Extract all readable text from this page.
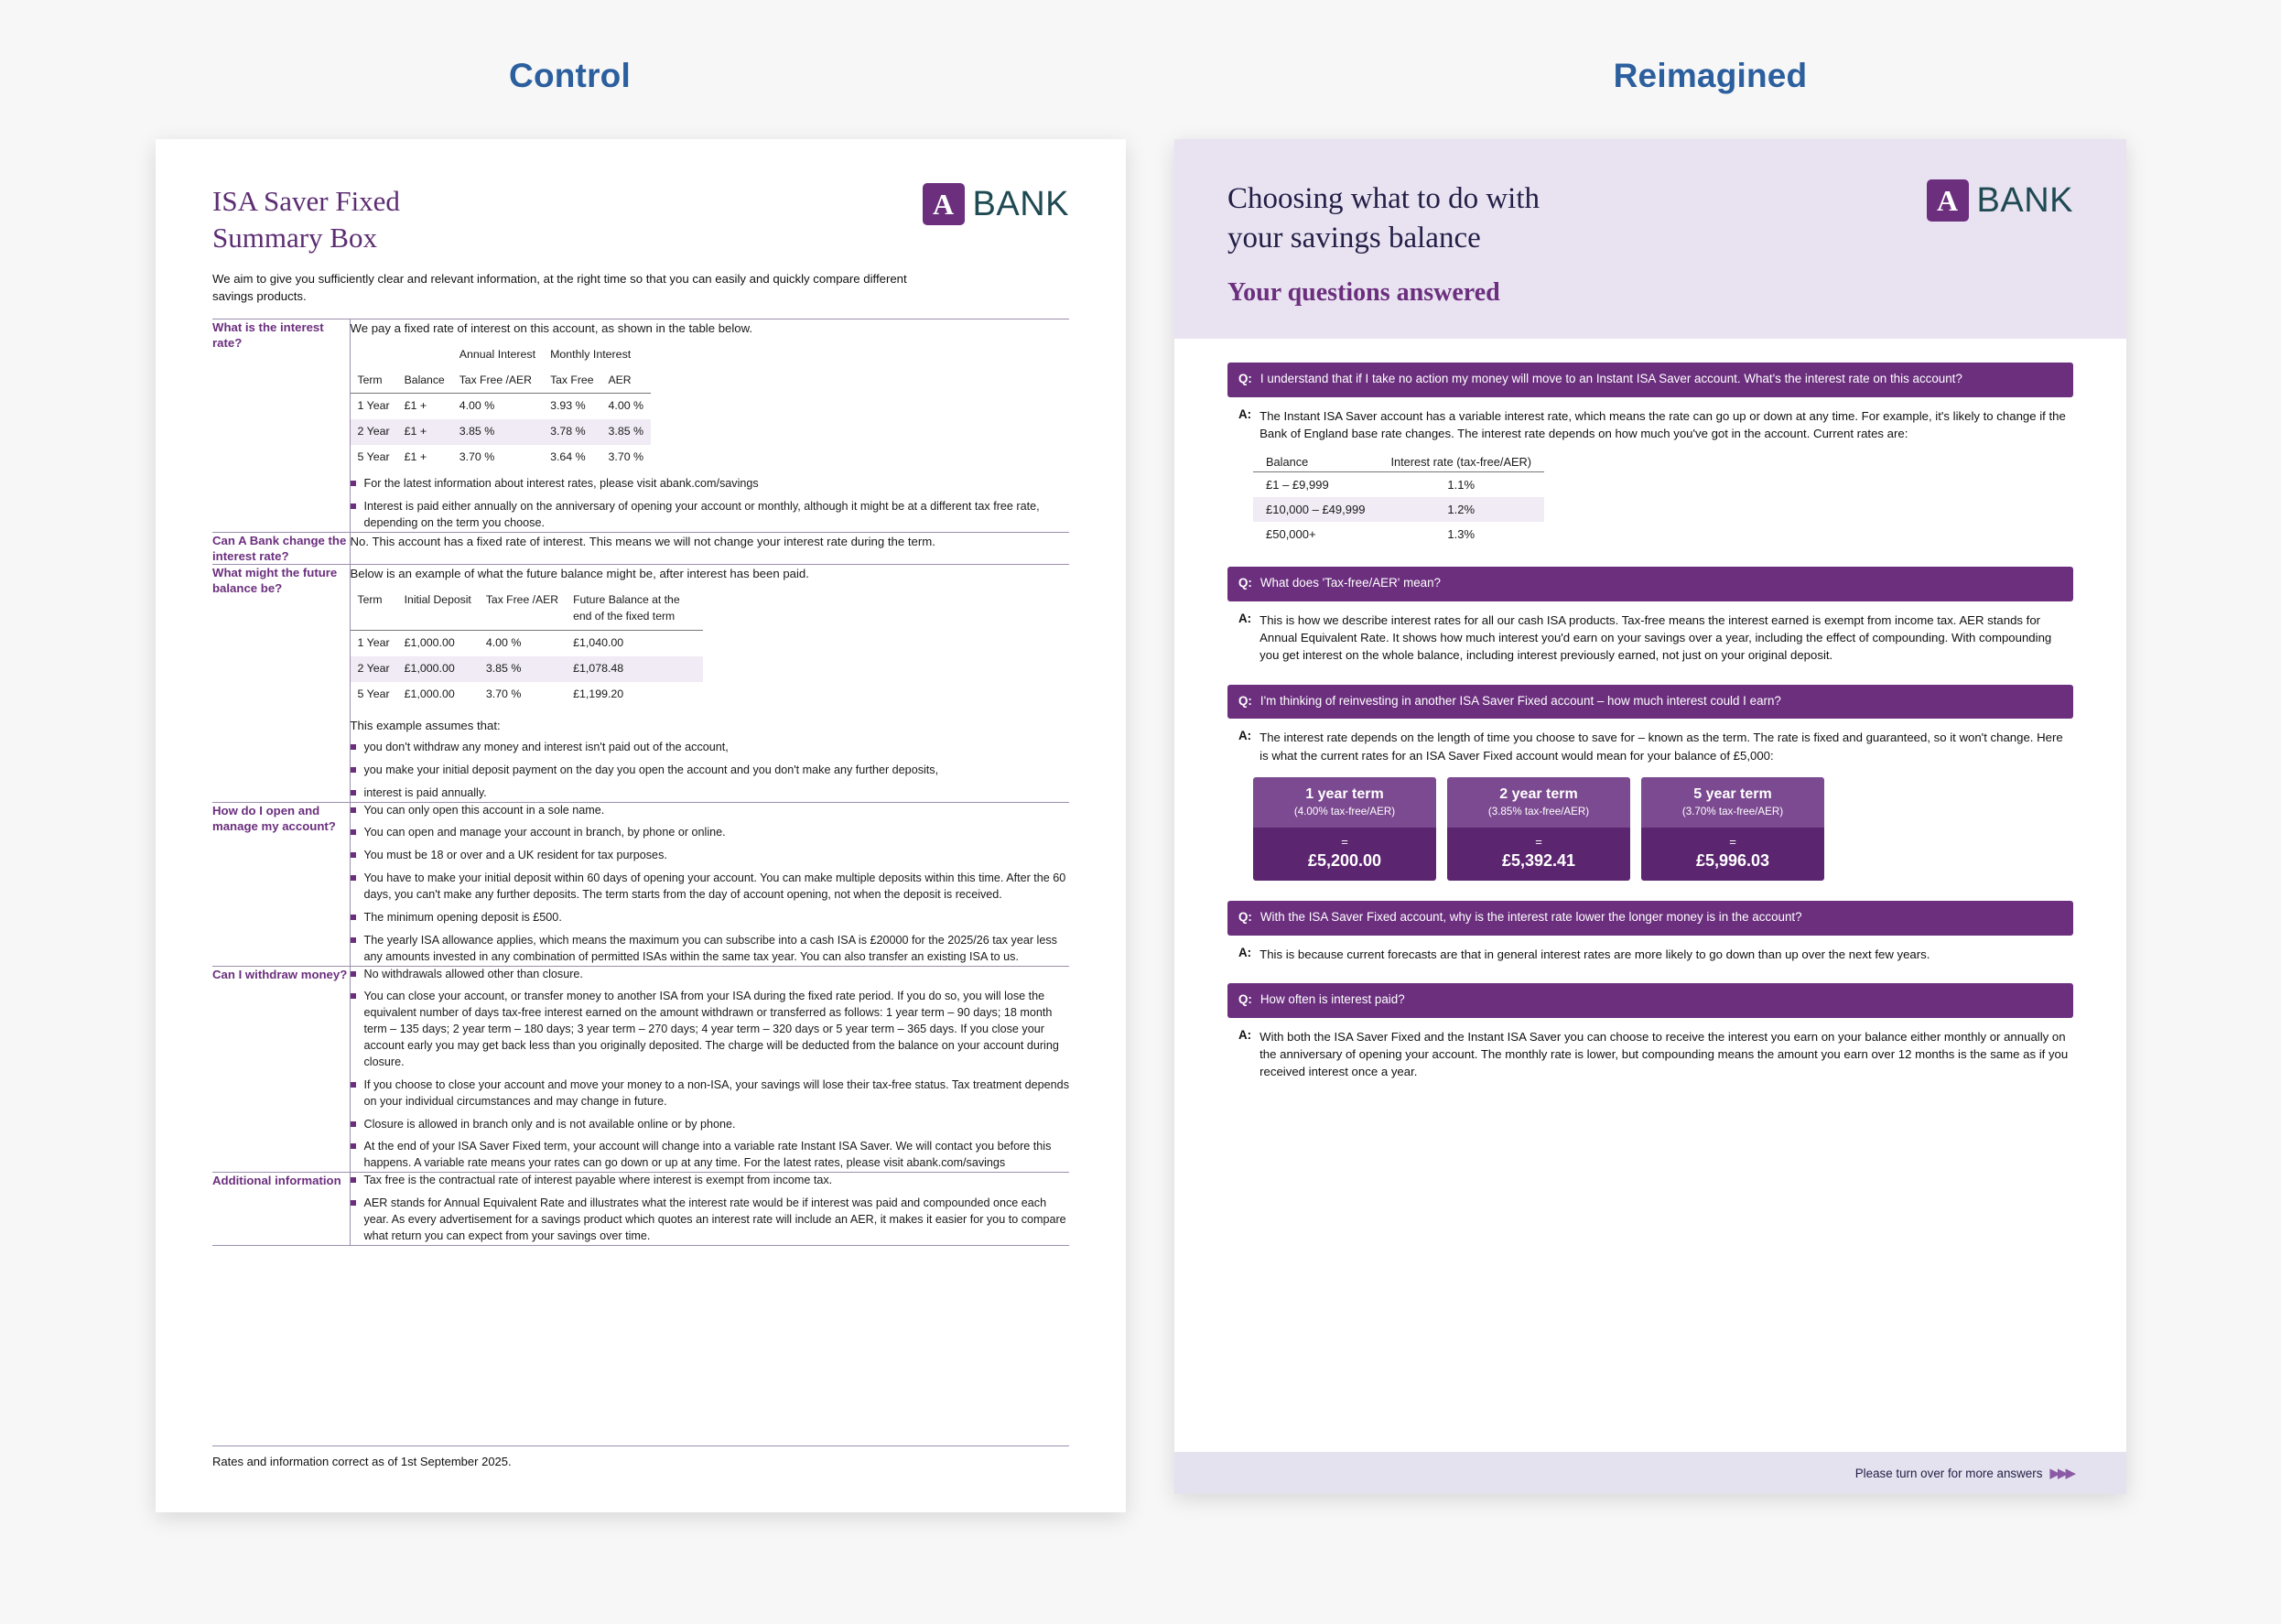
Control	Reimagined
ISA Saver Fixed
Summary Box
A
BANK
We aim to give you sufficiently clear and relevant information, at the right time so that you can easily and quickly compare different savings products.
What is the interest rate?	
We pay a fixed rate of interest on this account, as shown in the table below.
		Annual Interest	Monthly Interest
Term	Balance	Tax Free /AER	Tax Free	AER
1 Year	£1 +	4.00 %	3.93 %	4.00 %
2 Year	£1 +	3.85 %	3.78 %	3.85 %
5 Year	£1 +	3.70 %	3.64 %	3.70 %
For the latest information about interest rates, please visit abank.com/savings
Interest is paid either annually on the anniversary of opening your account or monthly, although it might be at a different tax free rate, depending on the term you choose.

Can A Bank change the interest rate?	No. This account has a fixed rate of interest. This means we will not change your interest rate during the term.
What might the future balance be?	
Below is an example of what the future balance might be, after interest has been paid.
Term	Initial Deposit	Tax Free /AER	Future Balance at the end of the fixed term
1 Year	£1,000.00	4.00 %	£1,040.00
2 Year	£1,000.00	3.85 %	£1,078.48
5 Year	£1,000.00	3.70 %	£1,199.20
This example assumes that:
you don't withdraw any money and interest isn't paid out of the account,
you make your initial deposit payment on the day you open the account and you don't make any further deposits,
interest is paid annually.

How do I open and manage my account?	
You can only open this account in a sole name.
You can open and manage your account in branch, by phone or online.
You must be 18 or over and a UK resident for tax purposes.
You have to make your initial deposit within 60 days of opening your account. You can make multiple deposits within this time. After the 60 days, you can't make any further deposits. The term starts from the day of account opening, not when the deposit is received.
The minimum opening deposit is £500.
The yearly ISA allowance applies, which means the maximum you can subscribe into a cash ISA is £20000 for the 2025/26 tax year less any amounts invested in any combination of permitted ISAs within the same tax year. You can also transfer an existing ISA to us.

Can I withdraw money?	No withdrawals allowed other than closure.
You can close your account, or transfer money to another ISA from your ISA during the fixed rate period. If you do so, you will lose the equivalent number of days tax-free interest earned on the amount withdrawn or transferred as follows: 1 year term – 90 days; 18 month term – 135 days; 2 year term – 180 days; 3 year term – 270 days; 4 year term – 320 days or 5 year term – 365 days. If you close your account early you may get back less than you originally deposited. The charge will be deducted from the balance on your account during closure.
If you choose to close your account and move your money to a non-ISA, your savings will lose their tax-free status. Tax treatment depends on your individual circumstances and may change in future.
Closure is allowed in branch only and is not available online or by phone.
At the end of your ISA Saver Fixed term, your account will change into a variable rate Instant ISA Saver. We will contact you before this happens. A variable rate means your rates can go down or up at any time. For the latest rates, please visit abank.com/savings

Additional information	Tax free is the contractual rate of interest payable where interest is exempt from income tax.
AER stands for Annual Equivalent Rate and illustrates what the interest rate would be if interest was paid and compounded once each year. As every advertisement for a savings product which quotes an interest rate will include an AER, it makes it easier for you to compare what return you can expect from your savings over time.
Rates and information correct as of 1st September 2025.
Choosing what to do with
your savings balance
Your questions answered
A
BANK
Q: I understand that if I take no action my money will move to an Instant ISA Saver account. What's the interest rate on this account?
A: The Instant ISA Saver account has a variable interest rate, which means the rate can go up or down at any time. For example, it's likely to change if the Bank of England base rate changes. The interest rate depends on how much you've got in the account. Current rates are:
Balance	Interest rate (tax-free/AER)
£1 – £9,999	1.1%
£10,000 – £49,999	1.2%
£50,000+	1.3%
Q: What does 'Tax-free/AER' mean?
A: This is how we describe interest rates for all our cash ISA products. Tax-free means the interest earned is exempt from income tax. AER stands for Annual Equivalent Rate. It shows how much interest you'd earn on your savings over a year, including the effect of compounding. With compounding you get interest on the whole balance, including interest previously earned, not just on your original deposit.
Q: I'm thinking of reinvesting in another ISA Saver Fixed account – how much interest could I earn?
A: The interest rate depends on the length of time you choose to save for – known as the term. The rate is fixed and guaranteed, so it won't change. Here is what the current rates for an ISA Saver Fixed account would mean for your balance of £5,000:
1 year term
(4.00% tax-free/AER)
=
£5,200.00
2 year term
(3.85% tax-free/AER)
=
£5,392.41
5 year term
(3.70% tax-free/AER)
=
£5,996.03
Q: With the ISA Saver Fixed account, why is the interest rate lower the longer money is in the account?
A: This is because current forecasts are that in general interest rates are more likely to go down than up over the next few years.
Q: How often is interest paid?
A: With both the ISA Saver Fixed and the Instant ISA Saver you can choose to receive the interest you earn on your balance either monthly or annually on the anniversary of opening your account. The monthly rate is lower, but compounding means the amount you earn over 12 months is the same as if you received interest once a year.
Please turn over for more answers ▶▶▶
